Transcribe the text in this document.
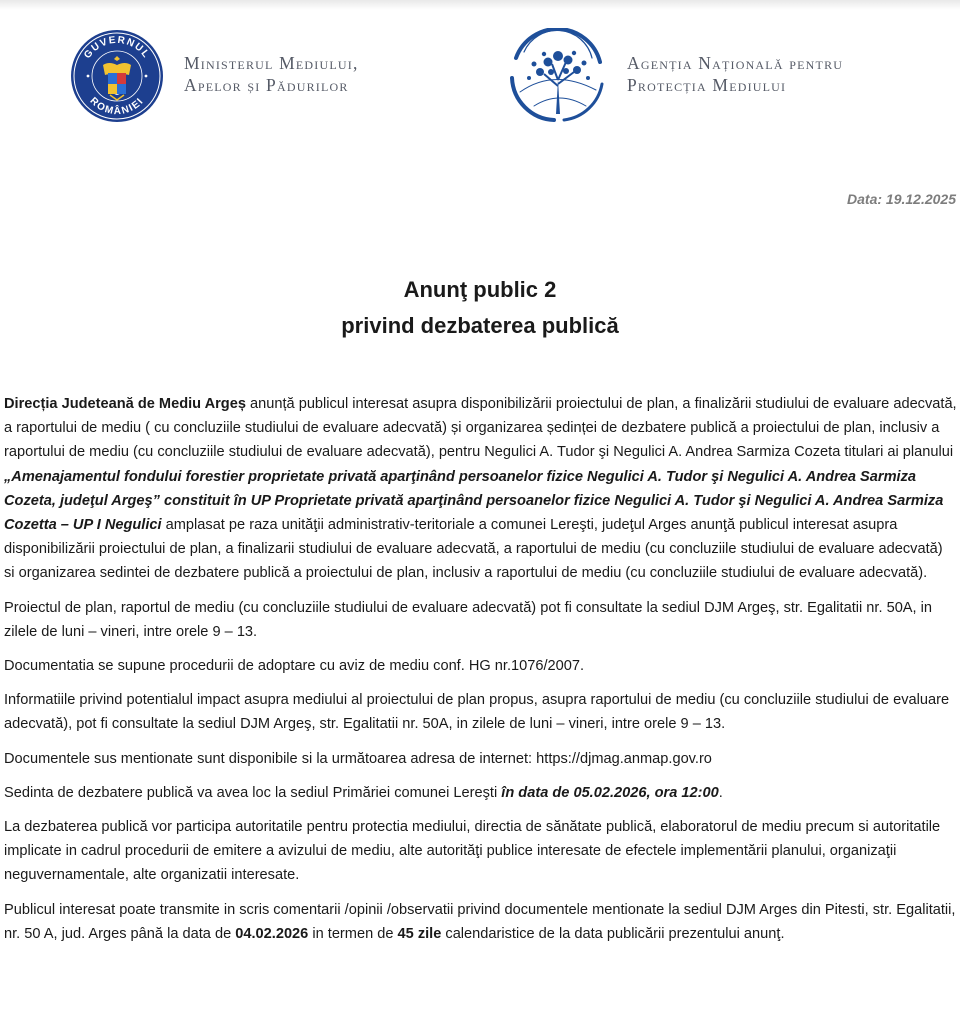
GUVERNUL
ROMÂNIEI
Ministerul Mediului,
Apelor și Pădurilor
Agenția Națională pentru
Protecția Mediului
Data: 19.12.2025
Anunţ public 2
privind dezbaterea publică

Direcția Judeteană de Mediu Argeș anunță publicul interesat asupra disponibilizării proiectului de plan, a finalizării studiului de evaluare adecvată, a raportului de mediu ( cu concluziile studiului de evaluare adecvată) și organizarea ședinței de dezbatere publică a proiectului de plan, inclusiv a raportului de mediu (cu concluziile studiului de evaluare adecvată), pentru Negulici A. Tudor şi Negulici A. Andrea Sarmiza Cozeta titulari ai planului „Amenajamentul fondului forestier proprietate privată aparţinând persoanelor fizice Negulici A. Tudor şi Negulici A. Andrea Sarmiza Cozeta, judeţul Argeş” constituit în UP Proprietate privată aparţinând persoanelor fizice Negulici A. Tudor şi Negulici A. Andrea Sarmiza Cozetta – UP I Negulici amplasat pe raza unităţii administrativ-teritoriale a comunei Lereşti, judeţul Arges anunţă publicul interesat asupra disponibilizării proiectului de plan, a finalizarii studiului de evaluare adecvată, a raportului de mediu (cu concluziile studiului de evaluare adecvată) si organizarea sedintei de dezbatere publică a proiectului de plan, inclusiv a raportului de mediu (cu concluziile studiului de evaluare adecvată).

Proiectul de plan, raportul de mediu (cu concluziile studiului de evaluare adecvată) pot fi consultate la sediul DJM Argeş, str. Egalitatii nr. 50A, in zilele de luni – vineri, intre orele 9 – 13.

Documentatia se supune procedurii de adoptare cu aviz de mediu conf. HG nr.1076/2007.

Informatiile privind potentialul impact asupra mediului al proiectului de plan propus, asupra raportului de mediu (cu concluziile studiului de evaluare adecvată), pot fi consultate la sediul DJM Argeş, str. Egalitatii nr. 50A, in zilele de luni – vineri, intre orele 9 – 13.

Documentele sus mentionate sunt disponibile si la următoarea adresa de internet: https://djmag.anmap.gov.ro

Sedinta de dezbatere publică va avea loc la sediul Primăriei comunei Lereşti în data de 05.02.2026, ora 12:00.

La dezbaterea publică vor participa autoritatile pentru protectia mediului, directia de sănătate publică, elaboratorul de mediu precum si autoritatile implicate in cadrul procedurii de emitere a avizului de mediu, alte autorităţi publice interesate de efectele implementării planului, organizaţii neguvernamentale, alte organizatii interesate.

Publicul interesat poate transmite in scris comentarii /opinii /observatii privind documentele mentionate la sediul DJM Arges din Pitesti, str. Egalitatii, nr. 50 A, jud. Arges până la data de 04.02.2026 in termen de 45 zile calendaristice de la data publicării prezentului anunţ.
